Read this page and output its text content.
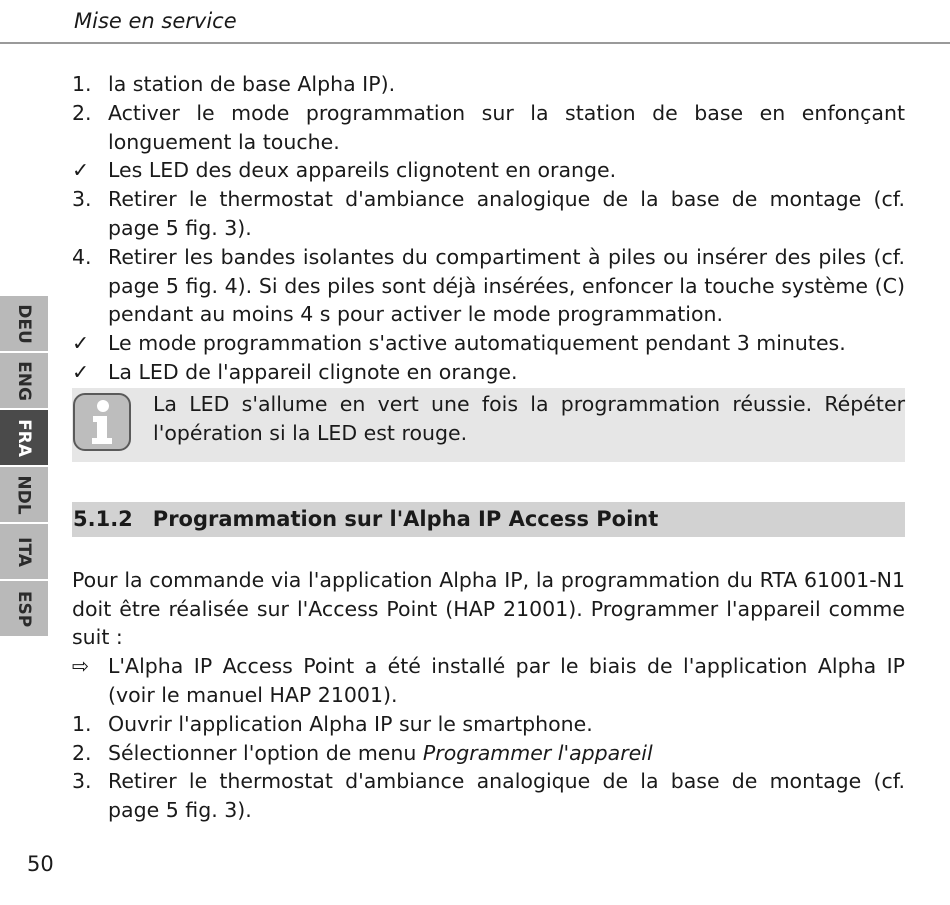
Mise en service
DEU
ENG
FRA
NDL
ITA
ESP
1. la station de base Alpha IP).
2. Activer le mode programmation sur la station de base en enfonçant longuement la touche.
✓ Les LED des deux appareils clignotent en orange.
3. Retirer le thermostat d'ambiance analogique de la base de montage (cf. page 5 fig. 3).
4. Retirer les bandes isolantes du compartiment à piles ou insérer des piles (cf. page 5 fig. 4). Si des piles sont déjà insérées, enfoncer la touche système (C) pendant au moins 4 s pour activer le mode programmation.
✓ Le mode programmation s'active automatiquement pendant 3 minutes.
✓ La LED de l'appareil clignote en orange.
La LED s'allume en vert une fois la programmation réussie. Répéter l'opération si la LED est rouge.
5.1.2 Programmation sur l'Alpha IP Access Point
Pour la commande via l'application Alpha IP, la programmation du RTA 61001-N1 doit être réalisée sur l'Access Point (HAP 21001). Programmer l'appareil comme suit :
⇨ L'Alpha IP Access Point a été installé par le biais de l'application Alpha IP (voir le manuel HAP 21001).
1. Ouvrir l'application Alpha IP sur le smartphone.
2. Sélectionner l'option de menu Programmer l'appareil
3. Retirer le thermostat d'ambiance analogique de la base de montage (cf. page 5 fig. 3).
50
